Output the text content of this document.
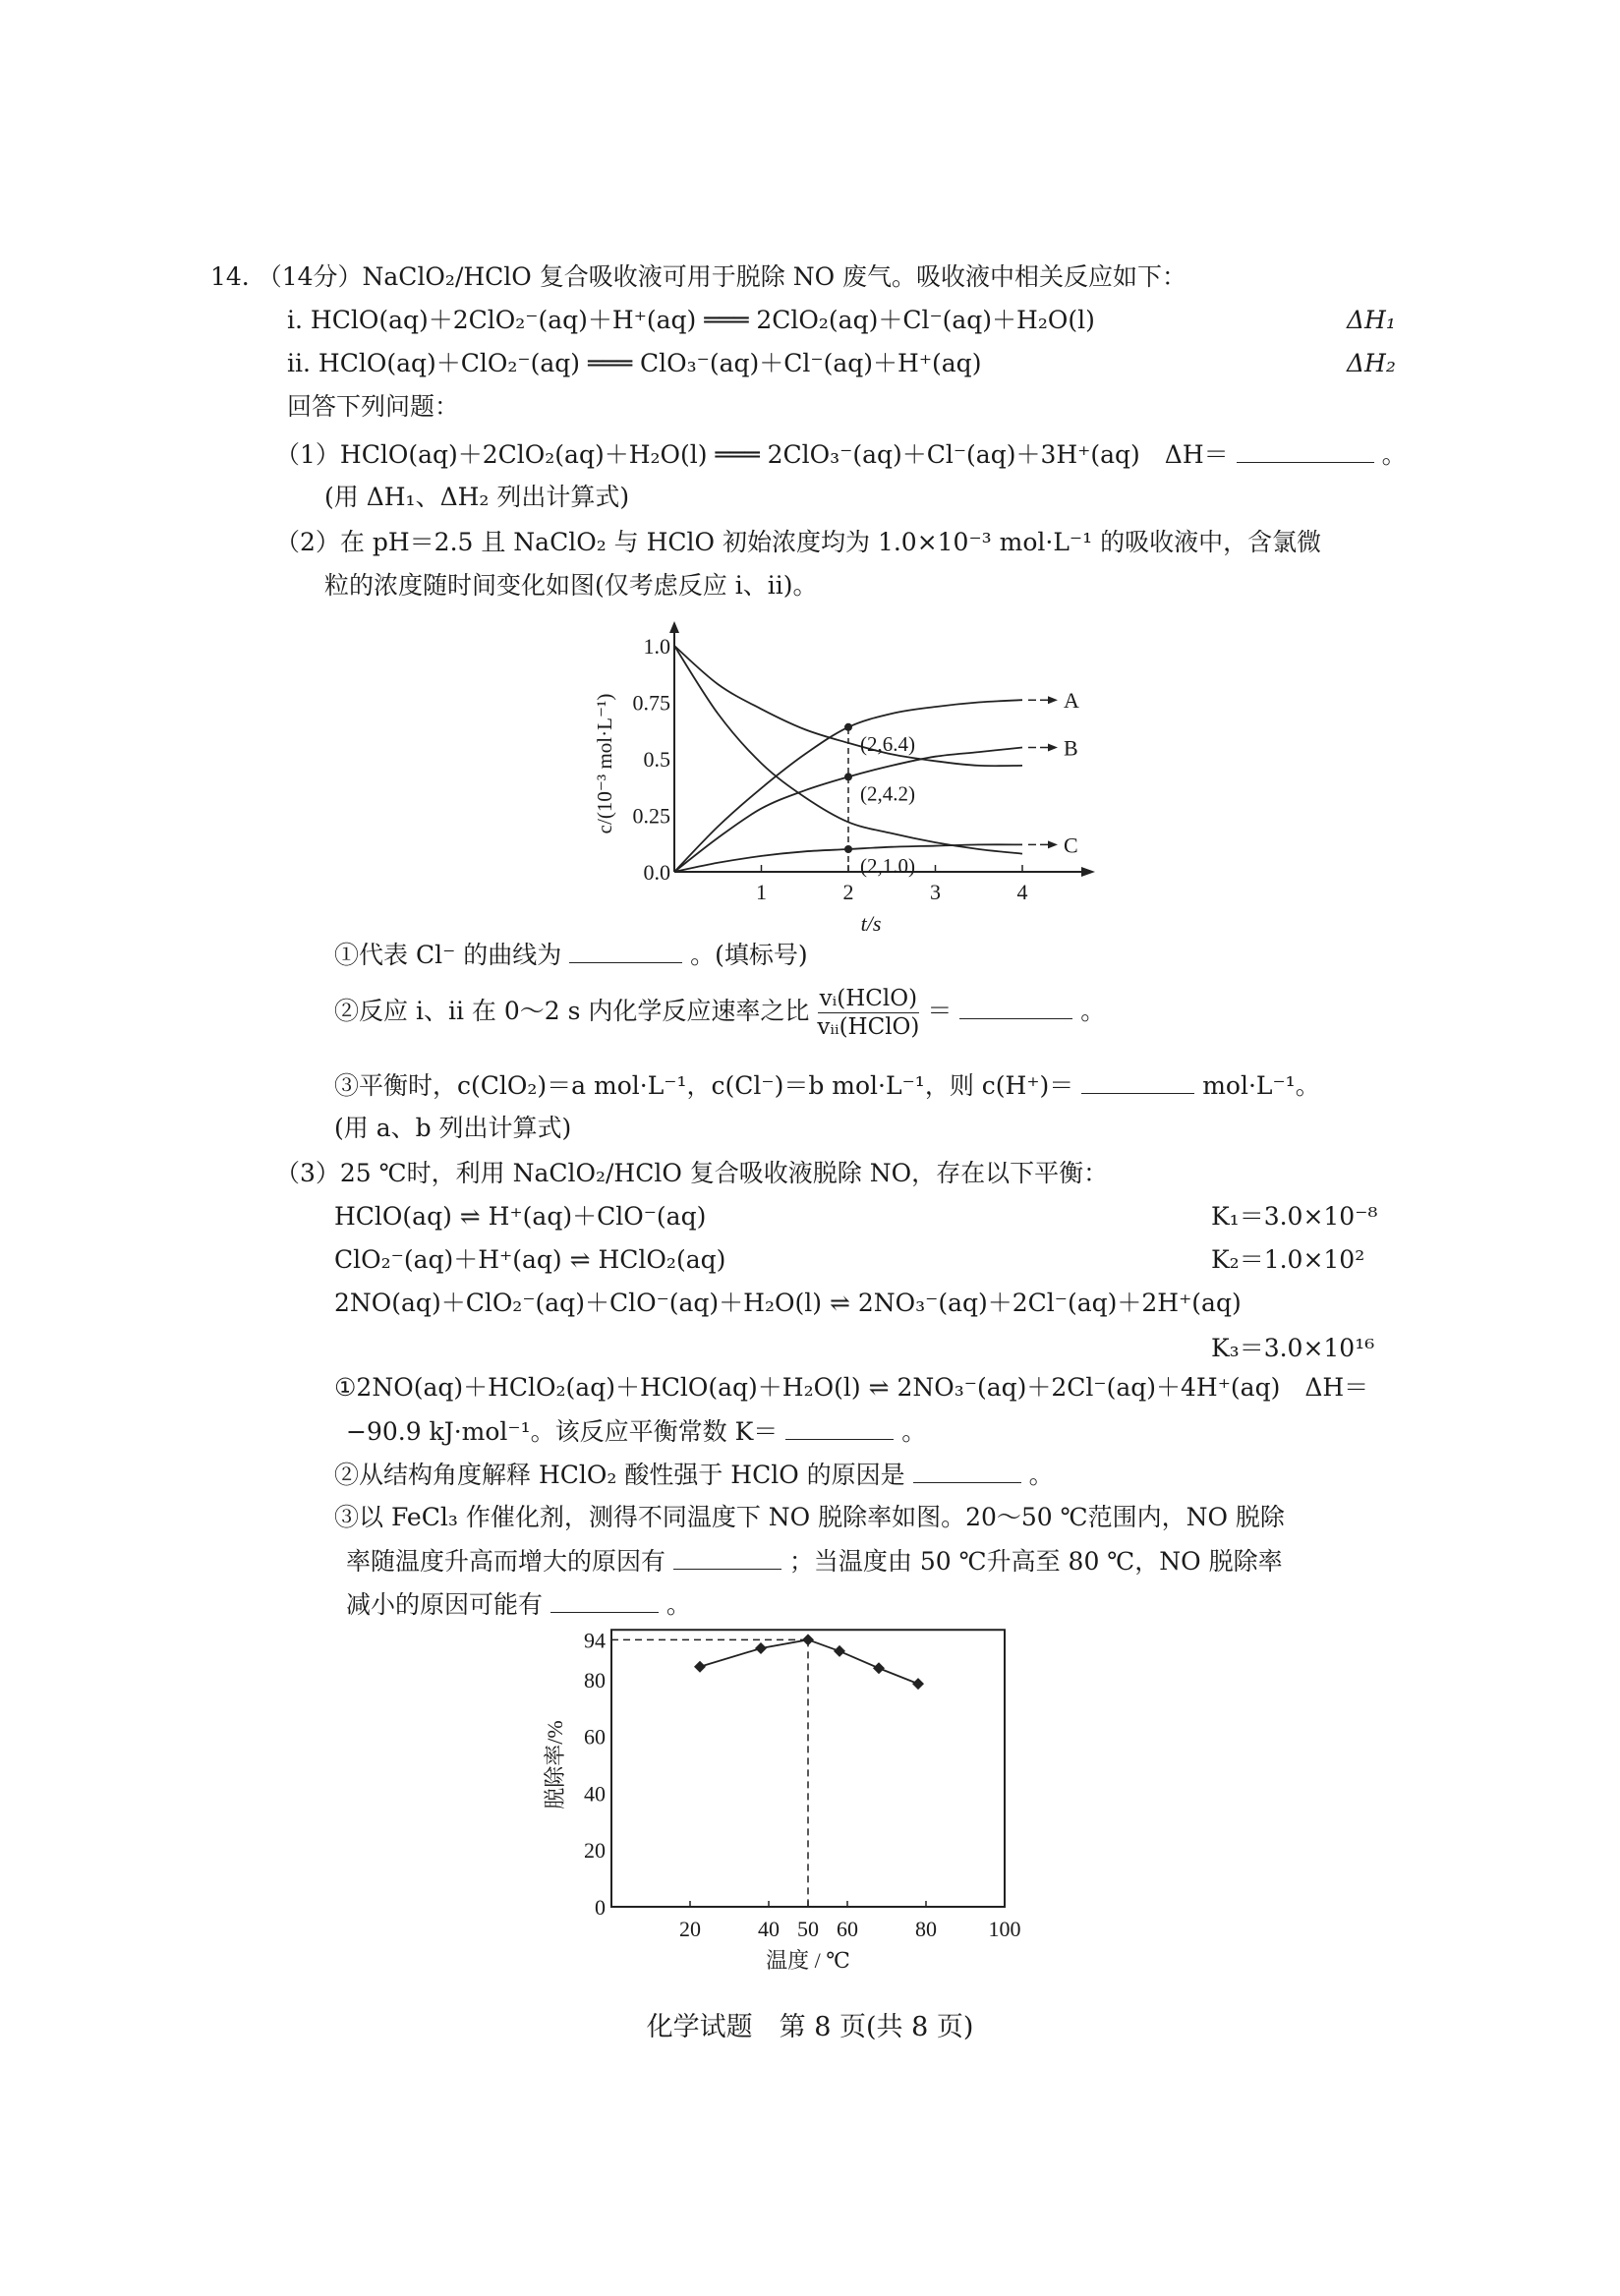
14. （14分）NaClO₂/HClO 复合吸收液可用于脱除 NO 废气。吸收液中相关反应如下：
i. HClO(aq)＋2ClO₂⁻(aq)＋H⁺(aq) ═══ 2ClO₂(aq)＋Cl⁻(aq)＋H₂O(l)	ΔH₁
ii. HClO(aq)＋ClO₂⁻(aq) ═══ ClO₃⁻(aq)＋Cl⁻(aq)＋H⁺(aq)	ΔH₂
回答下列问题：
（1）HClO(aq)＋2ClO₂(aq)＋H₂O(l) ═══ 2ClO₃⁻(aq)＋Cl⁻(aq)＋3H⁺(aq)　ΔH＝	。
(用 ΔH₁、ΔH₂ 列出计算式)
（2）在 pH＝2.5 且 NaClO₂ 与 HClO 初始浓度均为 1.0×10⁻³ mol·L⁻¹ 的吸收液中，含氯微
粒的浓度随时间变化如图(仅考虑反应 i、ii)。
1	2	3	4
0.0
0.25
0.5
0.75
1.0
t/s
c/(10⁻³ mol·L⁻¹)	A
B
C
(2,6.4)
(2,4.2)
(2,1.0)
①代表 Cl⁻ 的曲线为	。(填标号)
②反应 i、ii 在 0～2 s 内化学反应速率之比 $\frac{\text{vᵢ(HClO)}}{\text{vᵢᵢ(HClO)}}$ ＝	。
③平衡时，c(ClO₂)＝a mol·L⁻¹，c(Cl⁻)＝b mol·L⁻¹，则 c(H⁺)＝	mol·L⁻¹。
(用 a、b 列出计算式)
（3）25 ℃时，利用 NaClO₂/HClO 复合吸收液脱除 NO，存在以下平衡：
HClO(aq) ⇌ H⁺(aq)＋ClO⁻(aq)	K₁＝3.0×10⁻⁸
ClO₂⁻(aq)＋H⁺(aq) ⇌ HClO₂(aq)	K₂＝1.0×10²
2NO(aq)＋ClO₂⁻(aq)＋ClO⁻(aq)＋H₂O(l) ⇌ 2NO₃⁻(aq)＋2Cl⁻(aq)＋2H⁺(aq)
K₃＝3.0×10¹⁶
①2NO(aq)＋HClO₂(aq)＋HClO(aq)＋H₂O(l) ⇌ 2NO₃⁻(aq)＋2Cl⁻(aq)＋4H⁺(aq)　ΔH＝
−90.9 kJ·mol⁻¹。该反应平衡常数 K＝	。
②从结构角度解释 HClO₂ 酸性强于 HClO 的原因是	。
③以 FeCl₃ 作催化剂，测得不同温度下 NO 脱除率如图。20～50 ℃范围内，NO 脱除
率随温度升高而增大的原因有	；当温度由 50 ℃升高至 80 ℃，NO 脱除率
减小的原因可能有	。
20	40 50 60	80 100
0
20
40
60
80
94
温度 / ℃
脱除率/%
化学试题　第 8 页(共 8 页)
